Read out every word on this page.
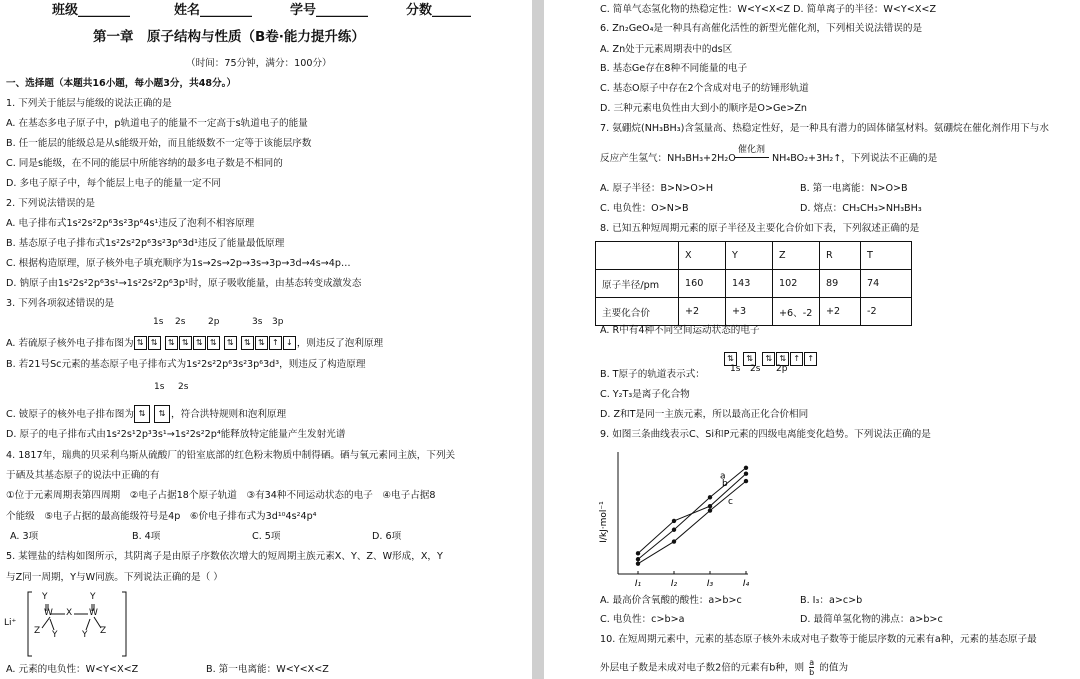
班级________	姓名________	学号________	分数______
第一章　原子结构与性质（B卷·能力提升练）
（时间：75分钟，满分：100分）
一、选择题（本题共16小题，每小题3分，共48分。）
1. 下列关于能层与能级的说法正确的是
A. 在基态多电子原子中，p轨道电子的能量不一定高于s轨道电子的能量
B. 任一能层的能级总是从s能级开始，而且能级数不一定等于该能层序数
C. 同是s能级，在不同的能层中所能容纳的最多电子数是不相同的
D. 多电子原子中，每个能层上电子的能量一定不同
2. 下列说法错误的是
A. 电子排布式1s²2s²2p⁶3s²3p⁶4s¹违反了泡利不相容原理
B. 基态原子电子排布式1s²2s²2p⁶3s²3p⁶3d¹违反了能量最低原理
C. 根据构造原理，原子核外电子填充顺序为1s→2s→2p→3s→3p→3d→4s→4p…
D. 钠原子由1s²2s²2p⁶3s¹→1s²2s²2p⁶3p¹时，原子吸收能量，由基态转变成激发态
3. 下列各项叙述错误的是
1s 2s	2p	3s 3p
A. 若硫原子核外电子排布图为 ⇅ ⇅ ⇅ ⇅ ⇅ ⇅ ⇅ ⇅ ⇅ ↑ ↓ ，则违反了泡利原理
B. 若21号Sc元素的基态原子电子排布式为1s²2s²2p⁶3s²3p⁶3d³，则违反了构造原理
1s 2s
C. 铍原子的核外电子排布图为 ⇅ ⇅ ，符合洪特规则和泡利原理
D. 原子的电子排布式由1s²2s¹2p³3s¹→1s²2s²2p⁴能释放特定能量产生发射光谱
4. 1817年，瑞典的贝采利乌斯从硫酸厂的铅室底部的红色粉末物质中制得硒。硒与氧元素同主族，下列关
于硒及其基态原子的说法中正确的有
①位于元素周期表第四周期　②电子占据18个原子轨道　③有34种不同运动状态的电子　④电子占据8
个能级　⑤电子占据的最高能级符号是4p　⑥价电子排布式为3d¹⁰4s²4p⁴
A. 3项	B. 4项	C. 5项	D. 6项
5. 某锂盐的结构如图所示，其阴离子是由原子序数依次增大的短周期主族元素X、Y、Z、W形成，X，Y
与Z同一周期，Y与W同族。下列说法正确的是（ ）
Li⁺
Y	Y
X
Z
W	W
Z
Y	Y
A. 元素的电负性：W<Y<X<Z	B. 第一电离能：W<Y<X<Z
C. 简单气态氢化物的热稳定性：W<Y<X<Z D. 简单离子的半径：W<Y<X<Z
6. Zn₂GeO₄是一种具有高催化活性的新型光催化剂，下列相关说法错误的是
A. Zn处于元素周期表中的ds区
B. 基态Ge存在8种不同能量的电子
C. 基态O原子中存在2个含成对电子的纺锤形轨道
D. 三种元素电负性由大到小的顺序是O>Ge>Zn
7. 氨硼烷(NH₃BH₃)含氢量高、热稳定性好，是一种具有潜力的固体储氢材料。氨硼烷在催化剂作用下与水
催化剂
反应产生氢气：NH₃BH₃+2H₂O	NH₄BO₂+3H₂↑，下列说法不正确的是
A. 原子半径：B>N>O>H	B. 第一电离能：N>O>B
C. 电负性：O>N>B	D. 熔点：CH₃CH₃>NH₃BH₃
8. 已知五种短周期元素的原子半径及主要化合价如下表，下列叙述正确的是
	X	Y	Z	R	T
原子半径/pm	160	143	102	89	74
主要化合价	+2	+3	+6、-2	+2	-2
A. R中有4种不同空间运动状态的电子
⇅ ⇅ ⇅ ⇅ ↑ ↑
1s 2s 2p
B. T原子的轨道表示式：
C. Y₂T₃是离子化合物
D. Z和T是同一主族元素，所以最高正化合价相同
9. 如图三条曲线表示C、Si和P元素的四级电离能变化趋势。下列说法正确的是
I/kJ·mol⁻¹
I₁	I₂	I₃	I₄
a
b
c
A. 最高价含氧酸的酸性：a>b>c	B. I₃：a>c>b
C. 电负性：c>b>a	D. 最简单氢化物的沸点：a>b>c
10. 在短周期元素中，元素的基态原子核外未成对电子数等于能层序数的元素有a种，元素的基态原子最
外层电子数是未成对电子数2倍的元素有b种，则 $\frac{a}{b}$ 的值为
